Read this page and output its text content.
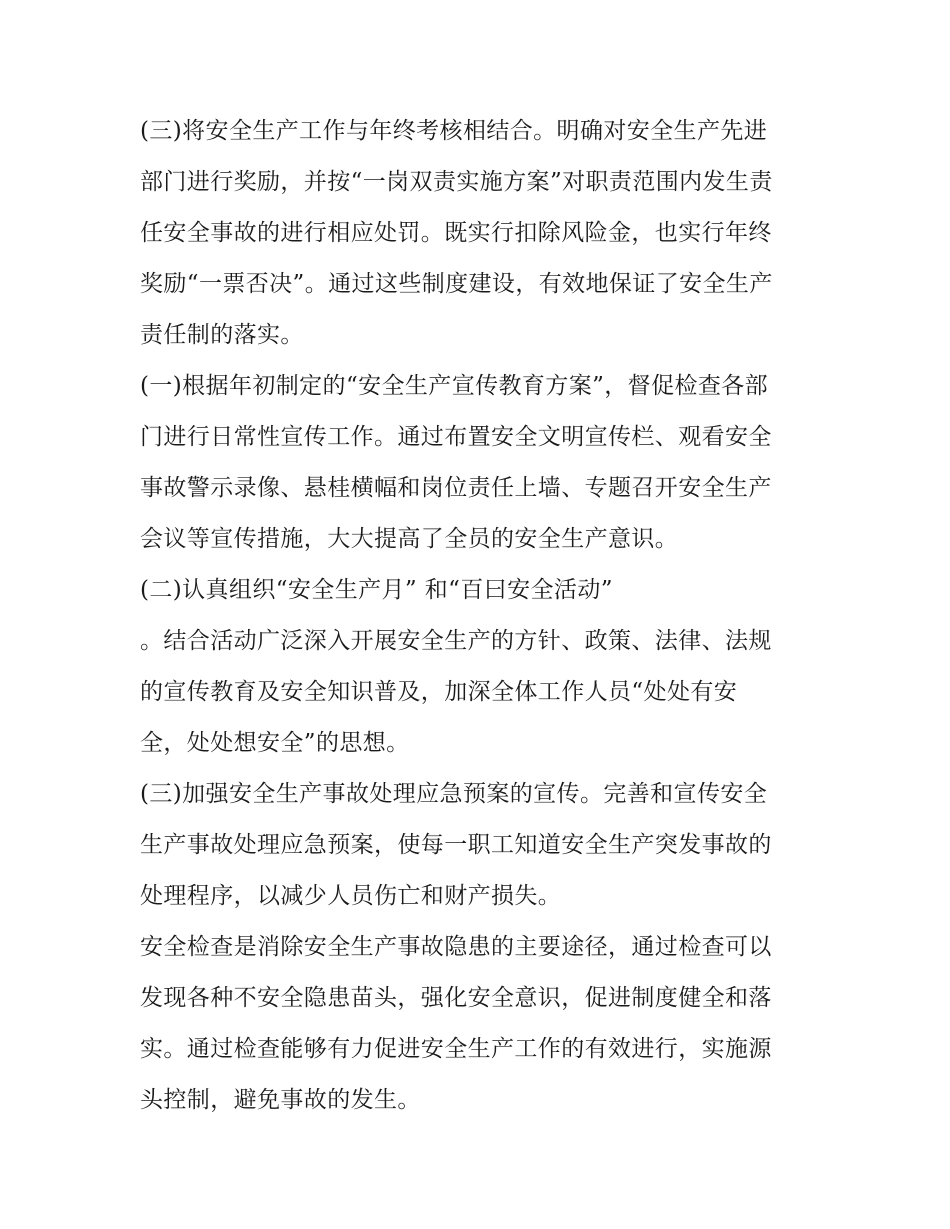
(三)将安全生产工作与年终考核相结合。明确对安全生产先进
部门进行奖励，并按“一岗双责实施方案”对职责范围内发生责
任安全事故的进行相应处罚。既实行扣除风险金，也实行年终
奖励“一票否决”。通过这些制度建设，有效地保证了安全生产
责任制的落实。
(一)根据年初制定的“安全生产宣传教育方案”，督促检查各部
门进行日常性宣传工作。通过布置安全文明宣传栏、观看安全
事故警示录像、悬桂横幅和岗位责任上墙、专题召开安全生产
会议等宣传措施，大大提高了全员的安全生产意识。
(二)认真组织“安全生产月” 和“百曰安全活动”
。结合活动广泛深入开展安全生产的方针、政策、法律、法规
的宣传教育及安全知识普及，加深全体工作人员“处处有安
全，处处想安全”的思想。
(三)加强安全生产事故处理应急预案的宣传。完善和宣传安全
生产事故处理应急预案，使每一职工知道安全生产突发事故的
处理程序，以减少人员伤亡和财产损失。
安全检查是消除安全生产事故隐患的主要途径，通过检查可以
发现各种不安全隐患苗头，强化安全意识，促进制度健全和落
实。通过检查能够有力促进安全生产工作的有效进行，实施源
头控制，避免事故的发生。
